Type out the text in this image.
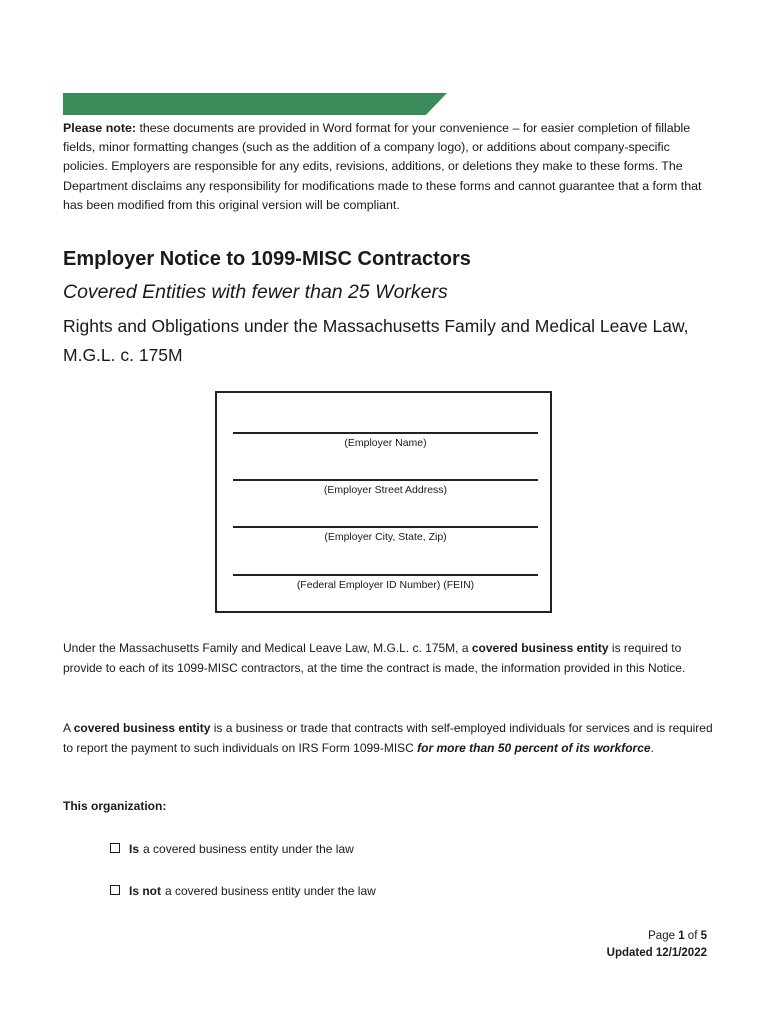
Please note: these documents are provided in Word format for your convenience – for easier completion of fillable fields, minor formatting changes (such as the addition of a company logo), or additions about company-specific policies. Employers are responsible for any edits, revisions, additions, or deletions they make to these forms. The Department disclaims any responsibility for modifications made to these forms and cannot guarantee that a form that has been modified from this original version will be compliant.
Employer Notice to 1099-MISC Contractors
Covered Entities with fewer than 25 Workers
Rights and Obligations under the Massachusetts Family and Medical Leave Law, M.G.L. c. 175M
(Employer Name)
(Employer Street Address)
(Employer City, State, Zip)
(Federal Employer ID Number) (FEIN)
Under the Massachusetts Family and Medical Leave Law, M.G.L. c. 175M, a covered business entity is required to provide to each of its 1099-MISC contractors, at the time the contract is made, the information provided in this Notice.
A covered business entity is a business or trade that contracts with self-employed individuals for services and is required to report the payment to such individuals on IRS Form 1099-MISC for more than 50 percent of its workforce.
This organization:
Is a covered business entity under the law
Is not a covered business entity under the law
Page 1 of 5
Updated 12/1/2022
